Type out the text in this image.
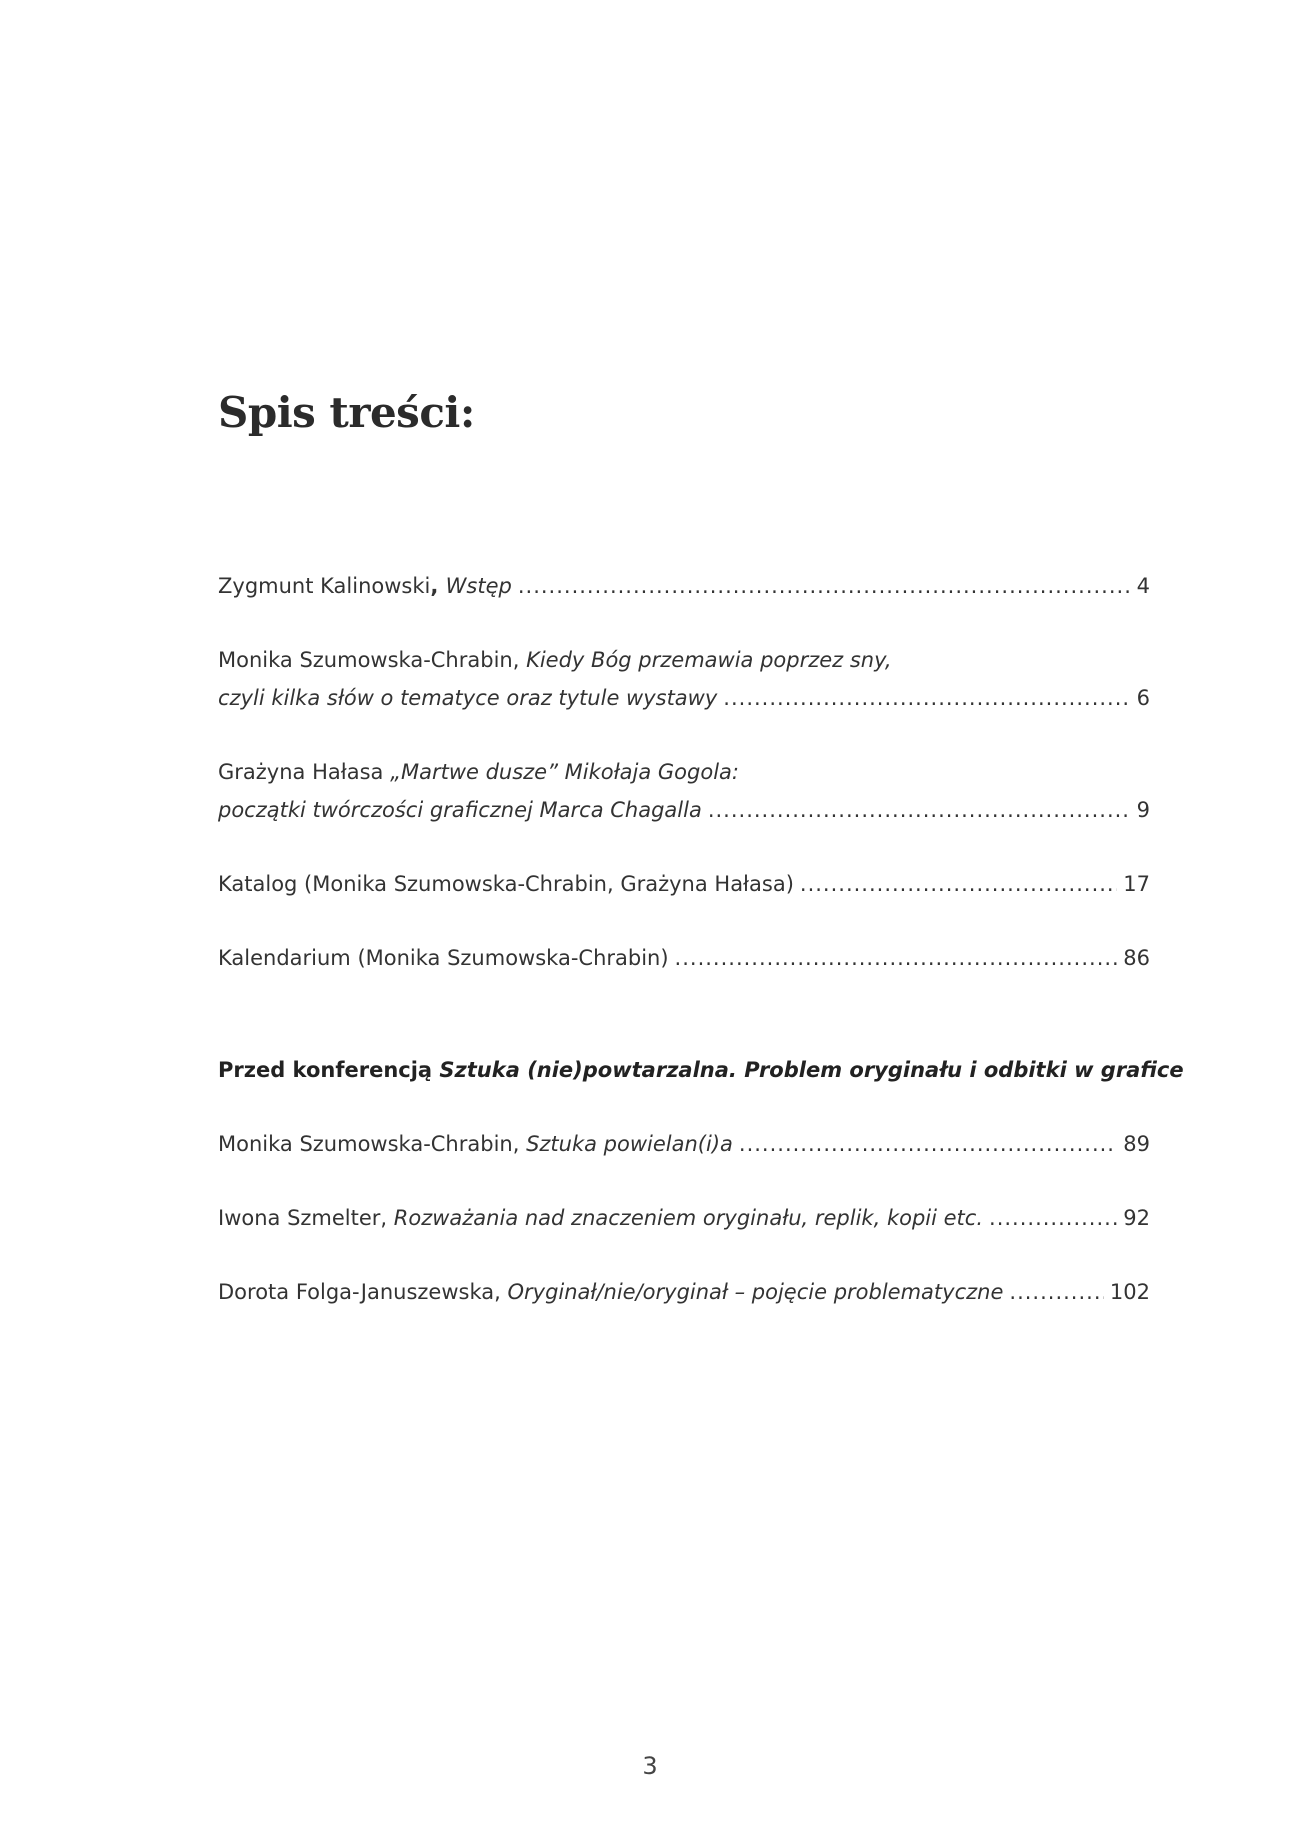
Spis treści:
Zygmunt Kalinowski, Wstęp .....	4
Monika Szumowska-Chrabin, Kiedy Bóg przemawia poprzez sny,
czyli kilka słów o tematyce oraz tytule wystawy .....	6
Grażyna Hałasa „Martwe dusze” Mikołaja Gogola:
początki twórczości graficznej Marca Chagalla .....	9
Katalog (Monika Szumowska-Chrabin, Grażyna Hałasa) .....	17
Kalendarium (Monika Szumowska-Chrabin) .....	86
Przed konferencją Sztuka (nie)powtarzalna. Problem oryginału i odbitki w grafice
Monika Szumowska-Chrabin, Sztuka powielan(i)a .....	89
Iwona Szmelter, Rozważania nad znaczeniem oryginału, replik, kopii etc. .....	92
Dorota Folga-Januszewska, Oryginał/nie/oryginał – pojęcie problematyczne .....	102
3
